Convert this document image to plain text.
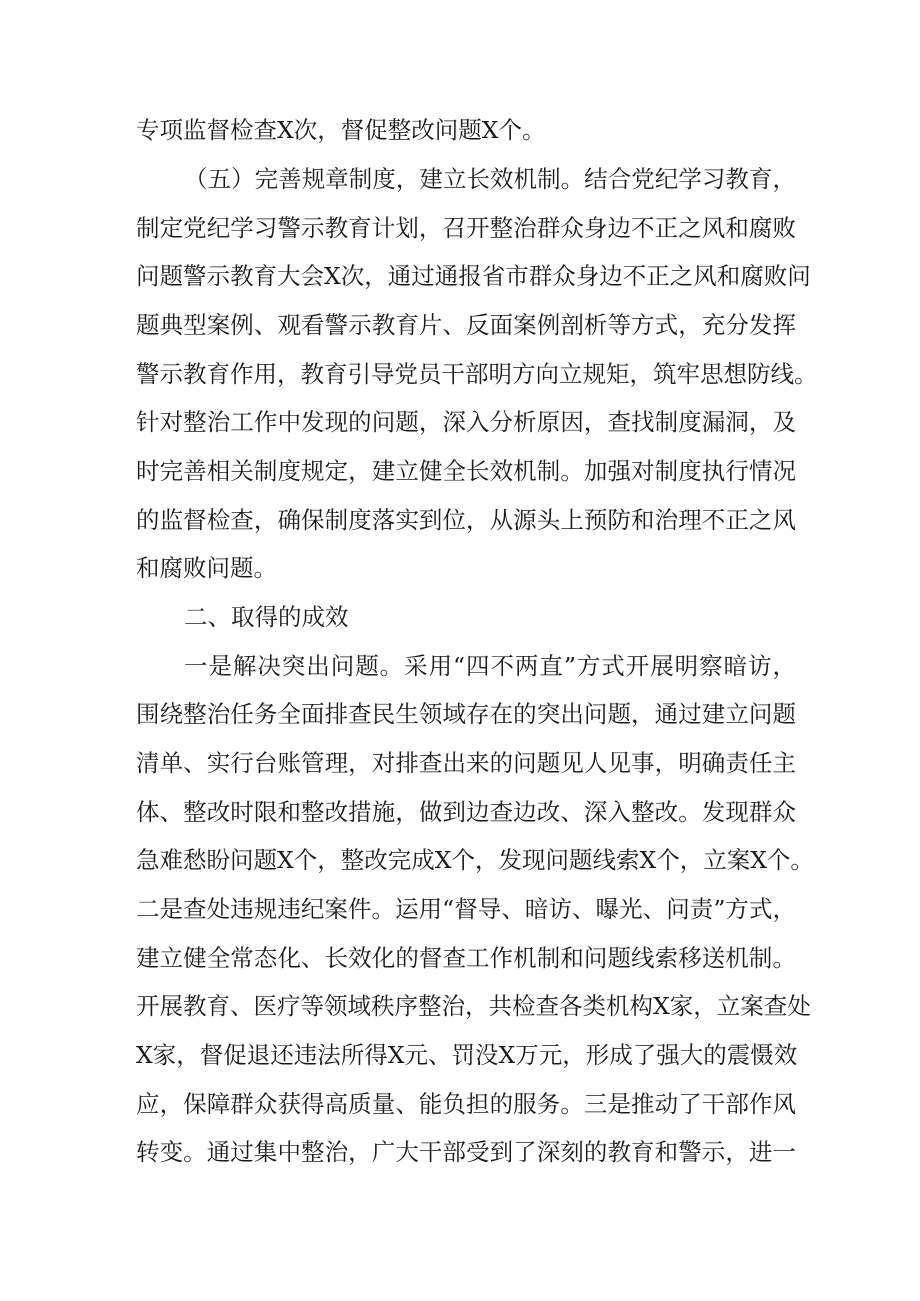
专项监督检查X次，督促整改问题X个。

（五）完善规章制度，建立长效机制。结合党纪学习教育，

制定党纪学习警示教育计划，召开整治群众身边不正之风和腐败

问题警示教育大会X次，通过通报省市群众身边不正之风和腐败问

题典型案例、观看警示教育片、反面案例剖析等方式，充分发挥

警示教育作用，教育引导党员干部明方向立规矩，筑牢思想防线。

针对整治工作中发现的问题，深入分析原因，查找制度漏洞，及

时完善相关制度规定，建立健全长效机制。加强对制度执行情况

的监督检查，确保制度落实到位，从源头上预防和治理不正之风

和腐败问题。

二、取得的成效

一是解决突出问题。采用“四不两直”方式开展明察暗访，

围绕整治任务全面排查民生领域存在的突出问题，通过建立问题

清单、实行台账管理，对排查出来的问题见人见事，明确责任主

体、整改时限和整改措施，做到边查边改、深入整改。发现群众

急难愁盼问题X个，整改完成X个，发现问题线索X个，立案X个。

二是查处违规违纪案件。运用“督导、暗访、曝光、问责”方式，

建立健全常态化、长效化的督查工作机制和问题线索移送机制。

开展教育、医疗等领域秩序整治，共检查各类机构X家，立案查处

X家，督促退还违法所得X元、罚没X万元，形成了强大的震慑效

应，保障群众获得高质量、能负担的服务。三是推动了干部作风

转变。通过集中整治，广大干部受到了深刻的教育和警示，进一
